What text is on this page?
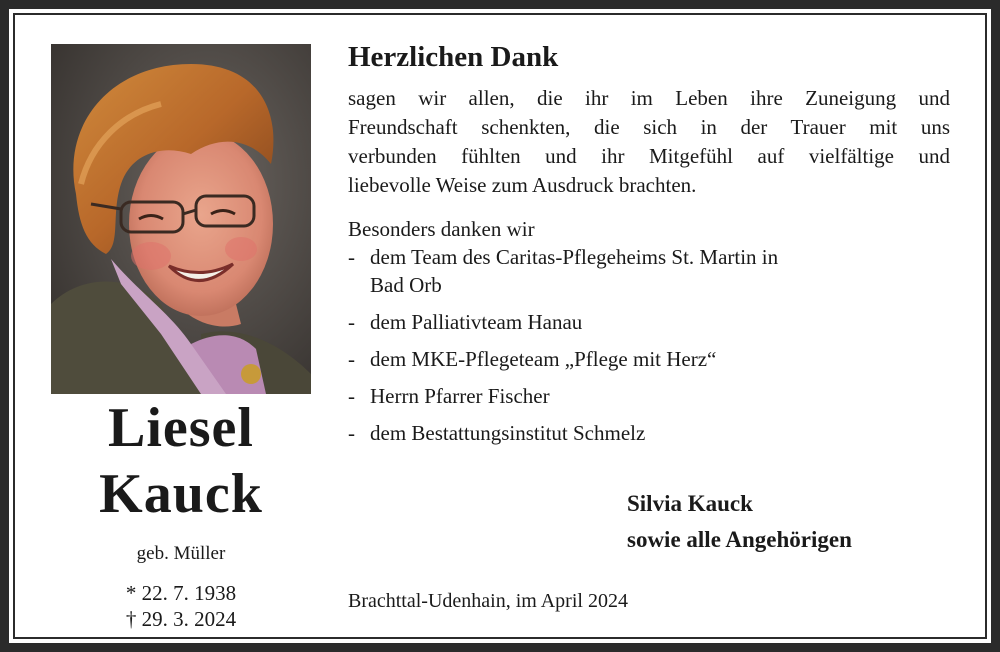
Liesel
Kauck
geb. Müller
* 22. 7. 1938
† 29. 3. 2024
Herzlichen Dank

sagen wir allen, die ihr im Leben ihre Zuneigung und
Freundschaft schenkten, die sich in der Trauer mit uns
verbunden fühlten und ihr Mitgefühl auf vielfältige und
liebevolle Weise zum Ausdruck brachten.

Besonders danken wir
- dem Team des Caritas-Pflegeheims St. Martin in
Bad Orb
- dem Palliativteam Hanau
- dem MKE-Pflegeteam „Pflege mit Herz“
- Herrn Pfarrer Fischer
- dem Bestattungsinstitut Schmelz
Silvia Kauck
sowie alle Angehörigen
Brachttal-Udenhain, im April 2024
